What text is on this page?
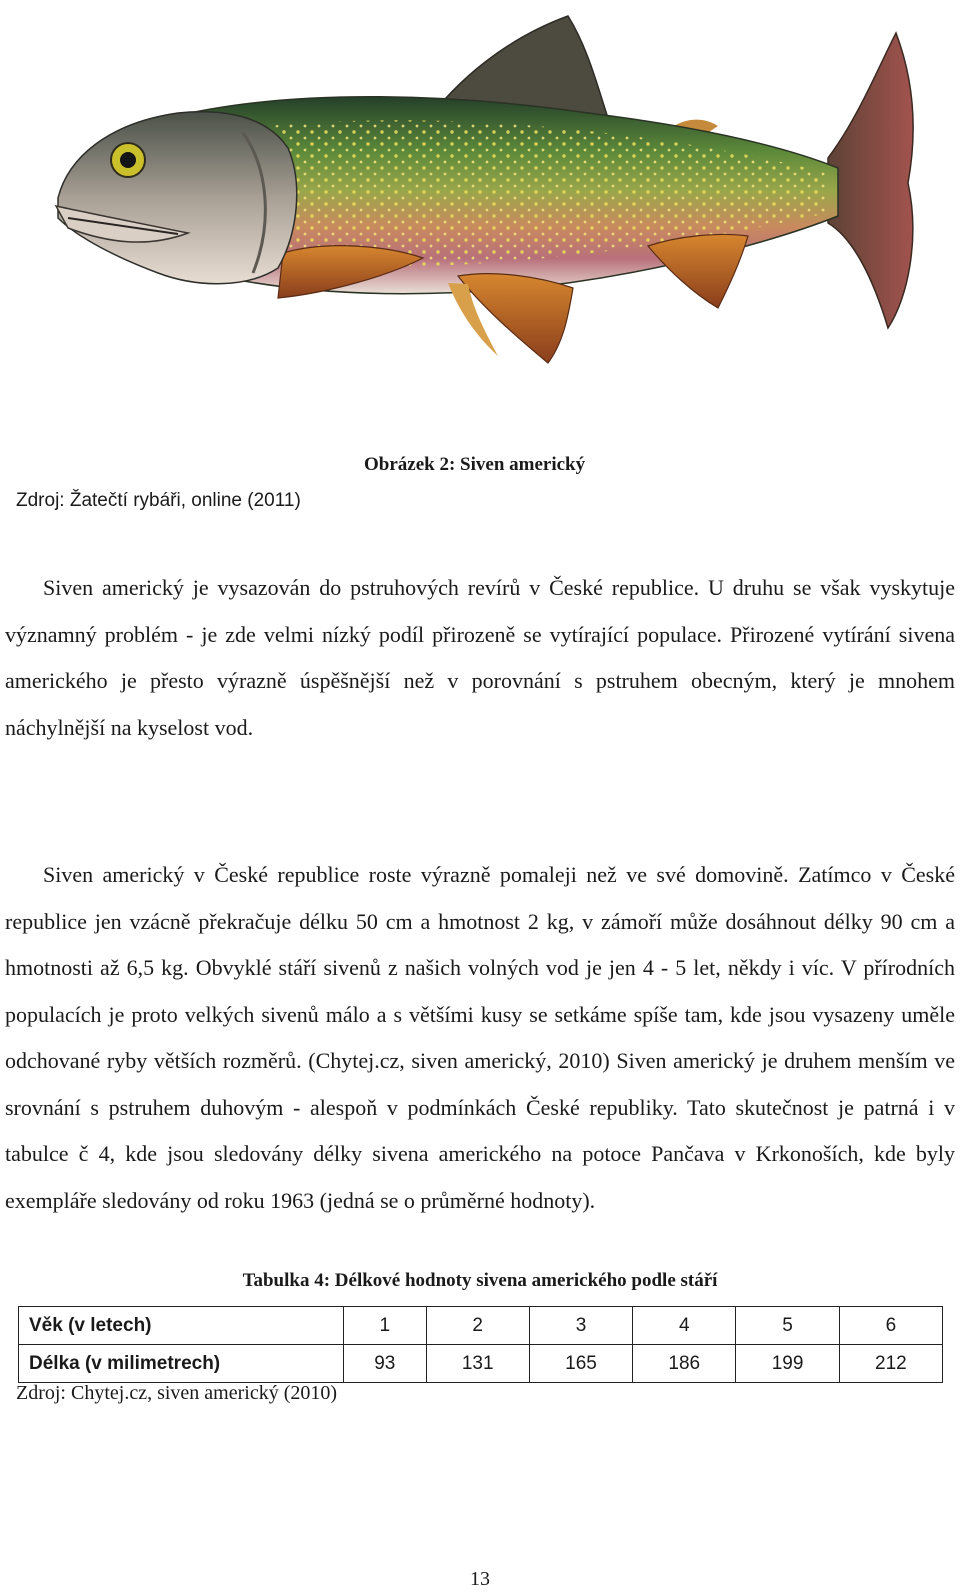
Obrázek 2: Siven americký
Zdroj: Žatečtí rybáři, online (2011)

Siven americký je vysazován do pstruhových revírů v České republice. U druhu se však vyskytuje významný problém - je zde velmi nízký podíl přirozeně se vytírající populace. Přirozené vytírání sivena amerického je přesto výrazně úspěšnější než v porovnání s pstruhem obecným, který je mnohem náchylnější na kyselost vod.

Siven americký v České republice roste výrazně pomaleji než ve své domovině. Zatímco v České republice jen vzácně překračuje délku 50 cm a hmotnost 2 kg, v zámoří může dosáhnout délky 90 cm a hmotnosti až 6,5 kg. Obvyklé stáří sivenů z našich volných vod je jen 4 - 5 let, někdy i víc. V přírodních populacích je proto velkých sivenů málo a s většími kusy se setkáme spíše tam, kde jsou vysazeny uměle odchované ryby větších rozměrů. (Chytej.cz, siven americký, 2010) Siven americký je druhem menším ve srovnání s pstruhem duhovým - alespoň v podmínkách České republiky. Tato skutečnost je patrná i v tabulce č 4, kde jsou sledovány délky sivena amerického na potoce Pančava v Krkonoších, kde byly exempláře sledovány od roku 1963 (jedná se o průměrné hodnoty).

Tabulka 4: Délkové hodnoty sivena amerického podle stáří
Věk (v letech)	1	2	3	4	5	6
Délka (v milimetrech)	93	131	165	186	199	212
Zdroj: Chytej.cz, siven americký (2010)
13
